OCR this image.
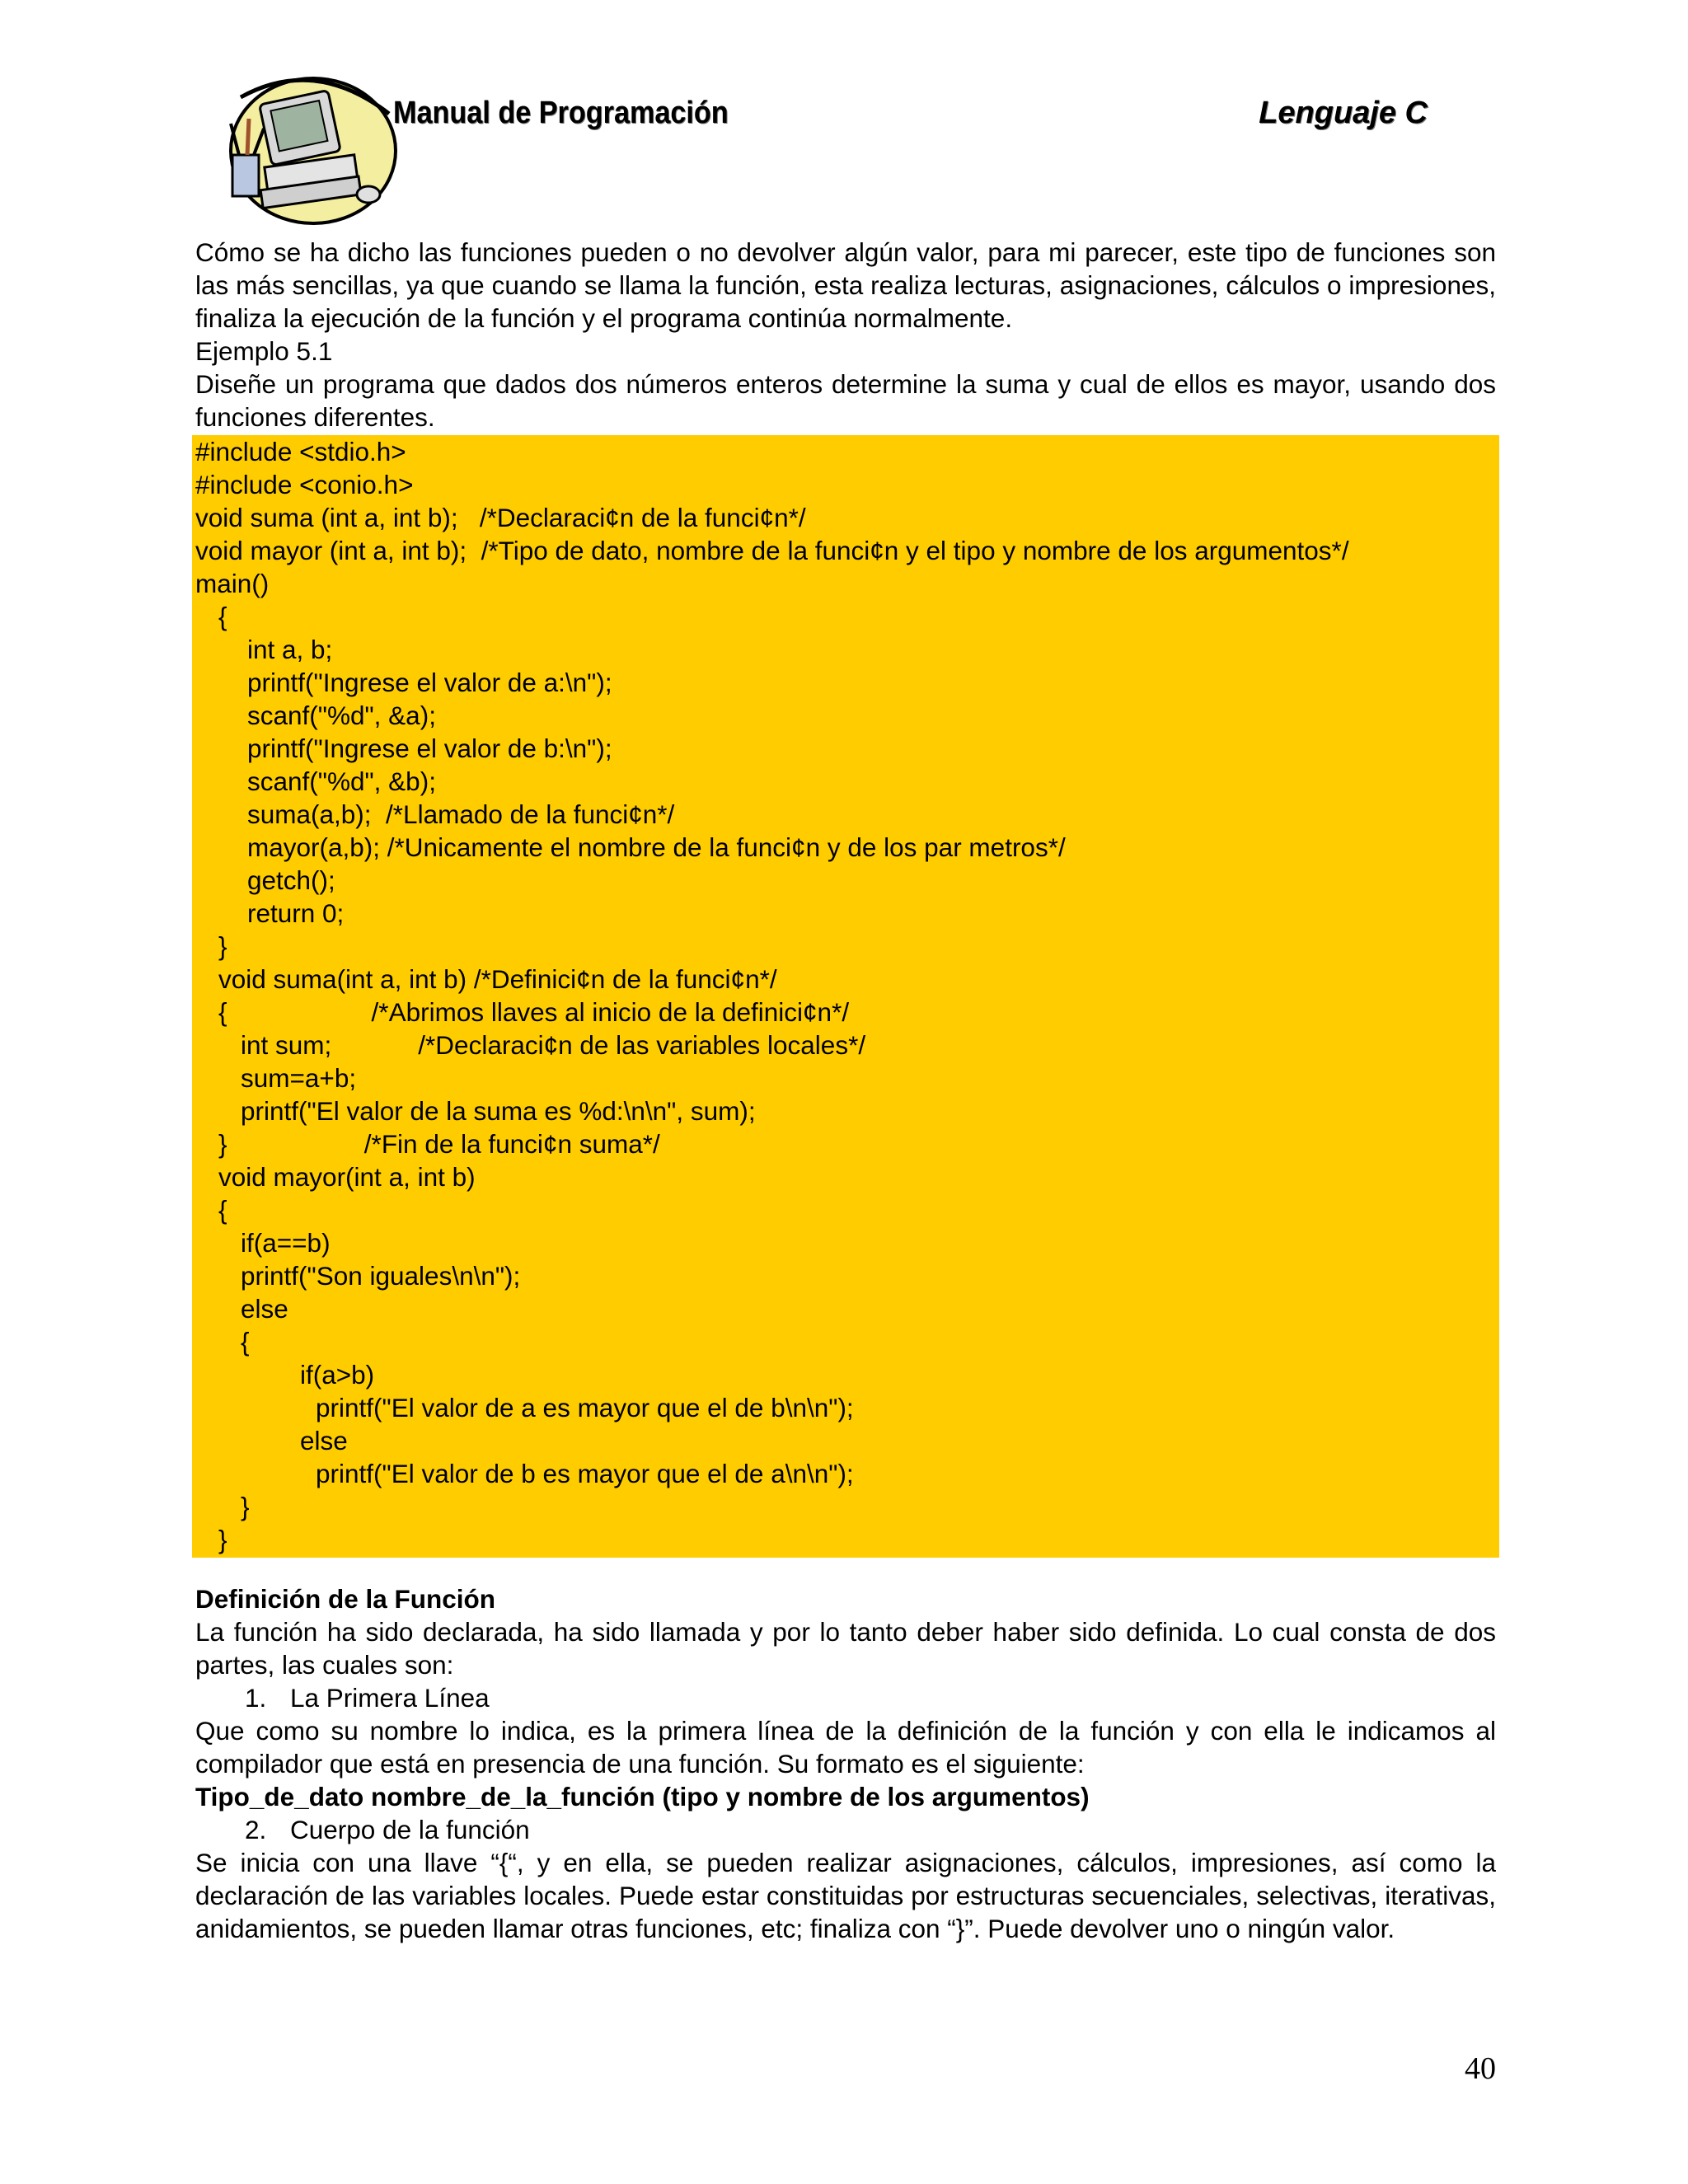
Manual de Programación	Lenguaje C
Cómo se ha dicho las funciones pueden o no devolver algún valor, para mi parecer, este tipo de funciones son las más sencillas, ya que cuando se llama la función, esta realiza lecturas, asignaciones, cálculos o impresiones, finaliza la ejecución de la función y el programa continúa normalmente.
Ejemplo 5.1
Diseñe un programa que dados dos números enteros determine la suma y cual de ellos es mayor, usando dos funciones diferentes.
#include <stdio.h>
#include <conio.h>
void suma (int a, int b);   /*Declaraci¢n de la funci¢n*/
void mayor (int a, int b);  /*Tipo de dato, nombre de la funci¢n y el tipo y nombre de los argumentos*/
main()
{
int a, b;
printf("Ingrese el valor de a:\n");
scanf("%d", &a);
printf("Ingrese el valor de b:\n");
scanf("%d", &b);
suma(a,b);  /*Llamado de la funci¢n*/
mayor(a,b); /*Unicamente el nombre de la funci¢n y de los par metros*/
getch();
return 0;
}
void suma(int a, int b) /*Definici¢n de la funci¢n*/
{                    /*Abrimos llaves al inicio de la definici¢n*/
int sum;            /*Declaraci¢n de las variables locales*/
sum=a+b;
printf("El valor de la suma es %d:\n\n", sum);
}                   /*Fin de la funci¢n suma*/
void mayor(int a, int b)
{
if(a==b)
printf("Son iguales\n\n");
else
{
if(a>b)
printf("El valor de a es mayor que el de b\n\n");
else
printf("El valor de b es mayor que el de a\n\n");
}
}
Definición de la Función
La función ha sido declarada, ha sido llamada y por lo tanto deber haber sido definida. Lo cual consta de dos partes, las cuales son:
1. La Primera Línea
Que como su nombre lo indica, es la primera línea de la definición de la función y con ella le indicamos al compilador que está en presencia de una función. Su formato es el siguiente:
Tipo_de_dato nombre_de_la_función (tipo y nombre de los argumentos)
2. Cuerpo de la función
Se inicia con una llave “{“, y en ella, se pueden realizar asignaciones, cálculos, impresiones, así como la declaración de las variables locales. Puede estar constituidas por estructuras secuenciales, selectivas, iterativas, anidamientos, se pueden llamar otras funciones, etc; finaliza con “}”. Puede devolver uno o ningún valor.
40
